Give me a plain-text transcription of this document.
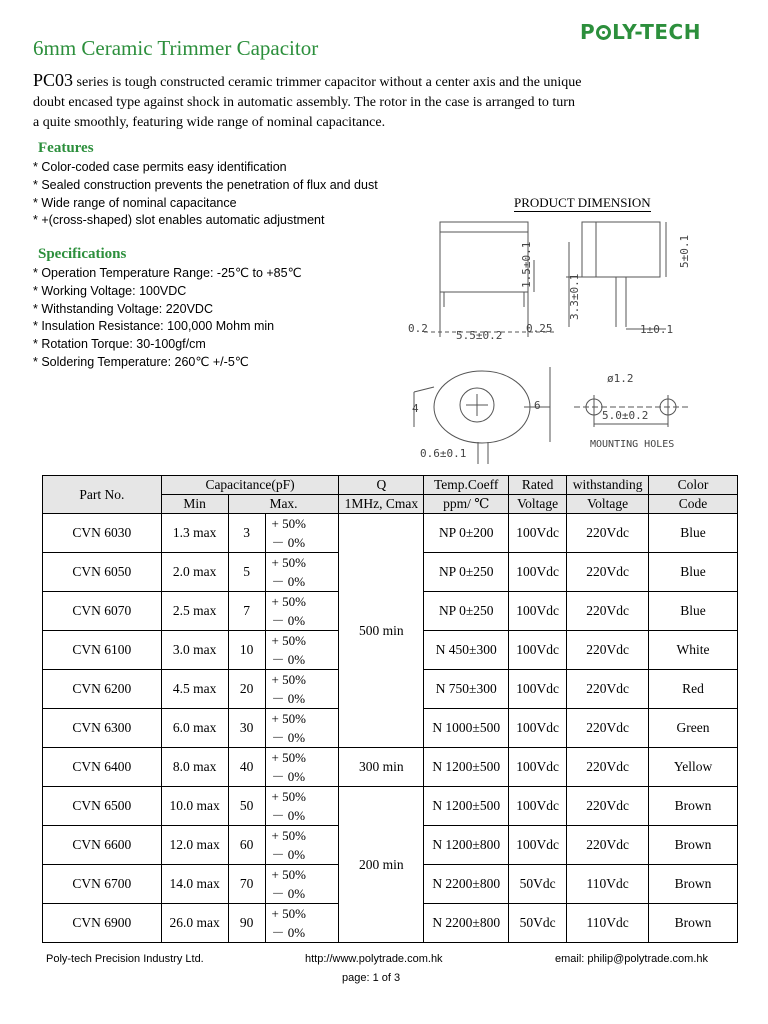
P LY-TECH
6mm Ceramic Trimmer Capacitor
PC03 series is tough constructed ceramic trimmer capacitor without a center axis and the unique
doubt encased type against shock in automatic assembly. The rotor in the case is arranged to turn
a quite smoothly, featuring wide range of nominal capacitance.
Features
* Color-coded case permits easy identification
* Sealed construction prevents the penetration of flux and dust
* Wide range of nominal capacitance
* +(cross-shaped) slot enables automatic adjustment
Specifications
* Operation Temperature Range: -25℃ to +85℃
* Working Voltage: 100VDC
* Withstanding Voltage: 220VDC
* Insulation Resistance: 100,000 Mohm min
* Rotation Torque: 30-100gf/cm
* Soldering Temperature: 260℃ +/-5℃
PRODUCT DIMENSION
0.2
5.5±0.2
0.25	1±0.1
4	6
0.6±0.1
5.0±0.2
ø1.2
MOUNTING HOLES
1.5±0.1
3.3±0.1
5±0.1
Part No.	Capacitance(pF)			Q	Temp.Coeff	Rated	withstanding	Color
	Min	Max.		1MHz, Cmax	ppm/ ℃	Voltage	Voltage	Code
CVN 6030	1.3 max	3	+ 50%
－ 0%	500 min	NP 0±200	100Vdc	220Vdc	Blue

CVN 6050	2.0 max	5	+ 50%
－ 0%		NP 0±250	100Vdc	220Vdc	Blue

CVN 6070	2.5 max	7	+ 50%
－ 0%		NP 0±250	100Vdc	220Vdc	Blue

CVN 6100	3.0 max	10	+ 50%
－ 0%		N 450±300	100Vdc	220Vdc	White

CVN 6200	4.5 max	20	+ 50%
－ 0%		N 750±300	100Vdc	220Vdc	Red

CVN 6300	6.0 max	30	+ 50%
－ 0%		N 1000±500	100Vdc	220Vdc	Green

CVN 6400	8.0 max	40	+ 50%
－ 0%	300 min	N 1200±500	100Vdc	220Vdc	Yellow

CVN 6500	10.0 max	50	+ 50%
－ 0%	200 min	N 1200±500	100Vdc	220Vdc	Brown

CVN 6600	12.0 max	60	+ 50%
－ 0%		N 1200±800	100Vdc	220Vdc	Brown

CVN 6700	14.0 max	70	+ 50%
－ 0%		N 2200±800	50Vdc	110Vdc	Brown

CVN 6900	26.0 max	90	+ 50%
－ 0%		N 2200±800	50Vdc	110Vdc	Brown

Poly-tech Precision Industry Ltd.	http://www.polytrade.com.hk	email: philip@polytrade.com.hk
page: 1 of 3
